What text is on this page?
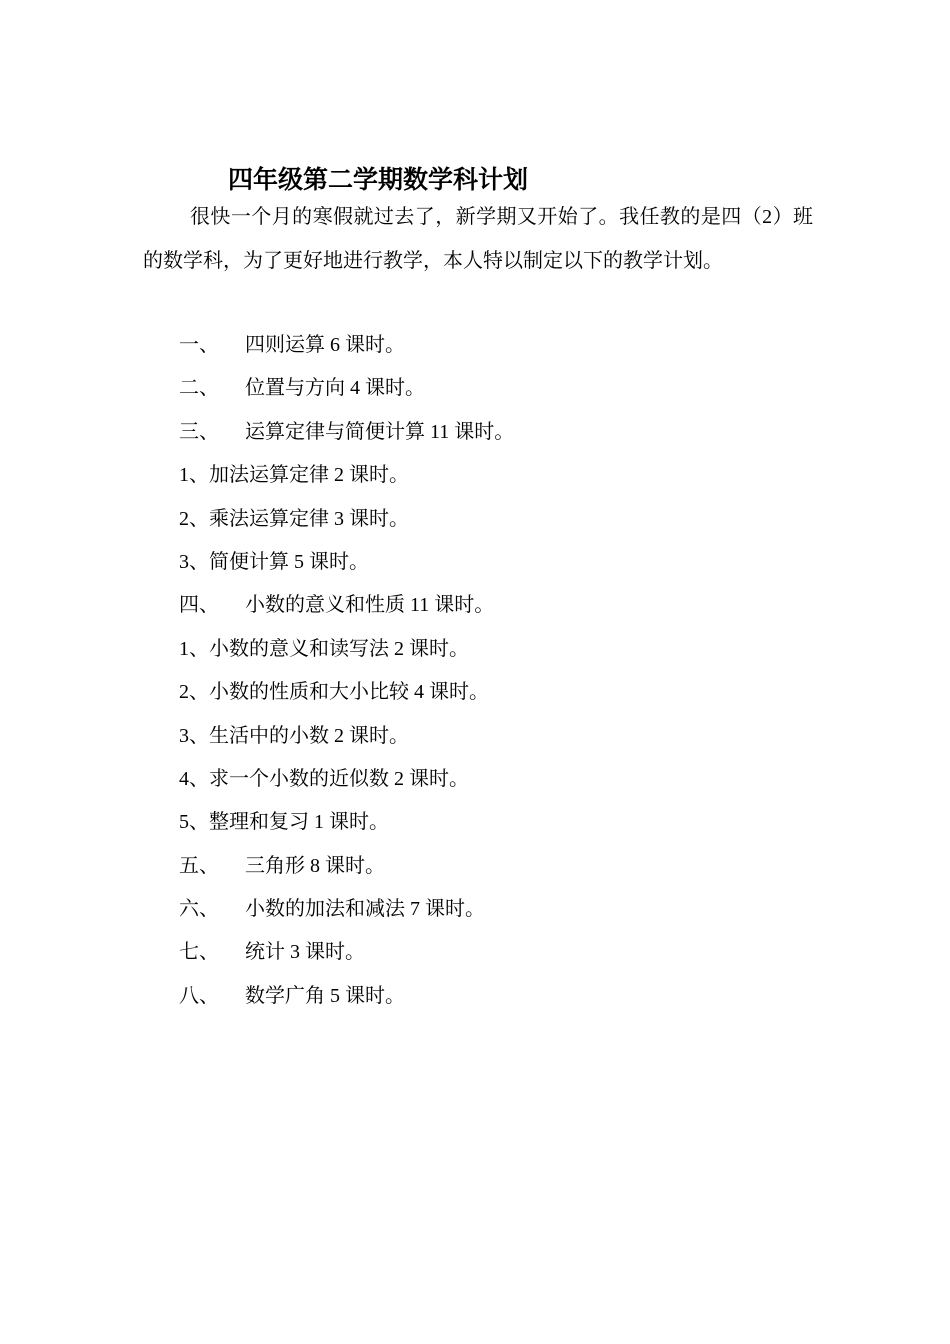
四年级第二学期数学科计划

很快一个月的寒假就过去了，新学期又开始了。我任教的是四（2）班的数学科，为了更好地进行教学，本人特以制定以下的教学计划。

一、 四则运算 6 课时。
二、 位置与方向 4 课时。
三、 运算定律与简便计算 11 课时。
1、加法运算定律 2 课时。
2、乘法运算定律 3 课时。
3、简便计算 5 课时。
四、 小数的意义和性质 11 课时。
1、小数的意义和读写法 2 课时。
2、小数的性质和大小比较 4 课时。
3、生活中的小数 2 课时。
4、求一个小数的近似数 2 课时。
5、整理和复习 1 课时。
五、 三角形 8 课时。
六、 小数的加法和减法 7 课时。
七、 统计 3 课时。
八、 数学广角 5 课时。
